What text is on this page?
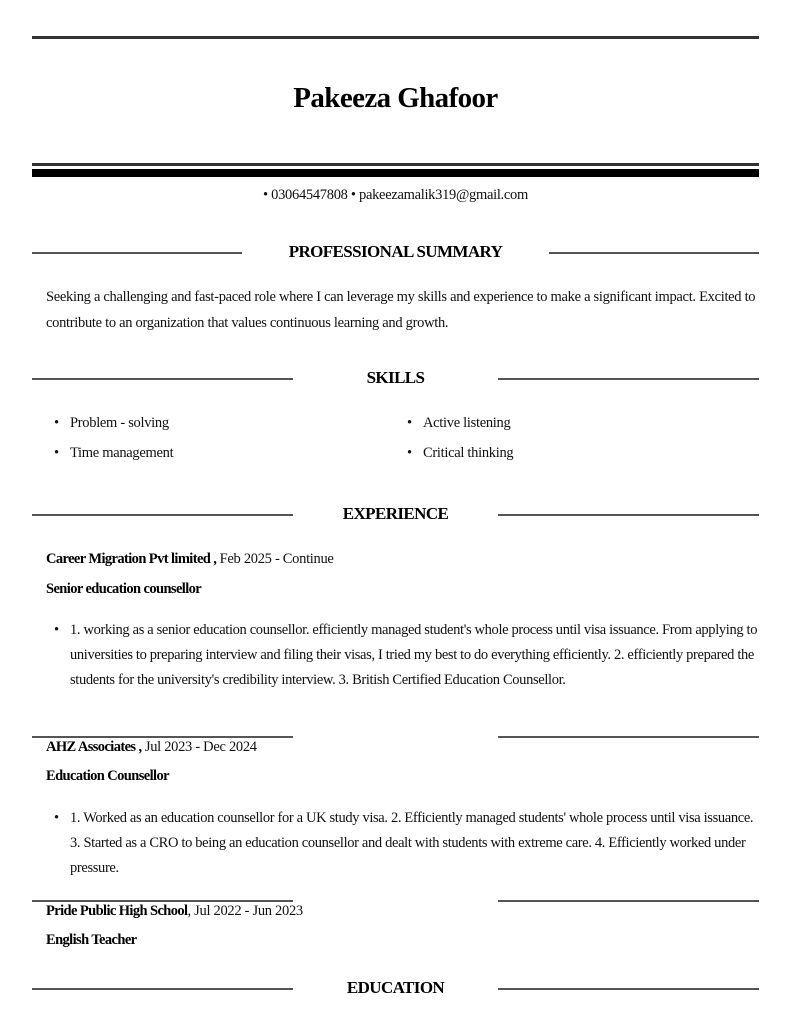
Pakeeza Ghafoor
• 03064547808 • pakeezamalik319@gmail.com
PROFESSIONAL SUMMARY
Seeking a challenging and fast-paced role where I can leverage my skills and experience to make a significant impact. Excited to contribute to an organization that values continuous learning and growth.
SKILLS
• Problem - solving
• Time management
• Active listening
• Critical thinking
EXPERIENCE
Career Migration Pvt limited , Feb 2025 - Continue
Senior education counsellor
• 1. working as a senior education counsellor. efficiently managed student's whole process until visa issuance. From applying to universities to preparing interview and filing their visas, I tried my best to do everything efficiently. 2. efficiently prepared the students for the university's credibility interview. 3. British Certified Education Counsellor.
AHZ Associates , Jul 2023 - Dec 2024
Education Counsellor
• 1. Worked as an education counsellor for a UK study visa. 2. Efficiently managed students' whole process until visa issuance. 3. Started as a CRO to being an education counsellor and dealt with students with extreme care. 4. Efficiently worked under pressure.
Pride Public High School, Jul 2022 - Jun 2023
English Teacher
EDUCATION
